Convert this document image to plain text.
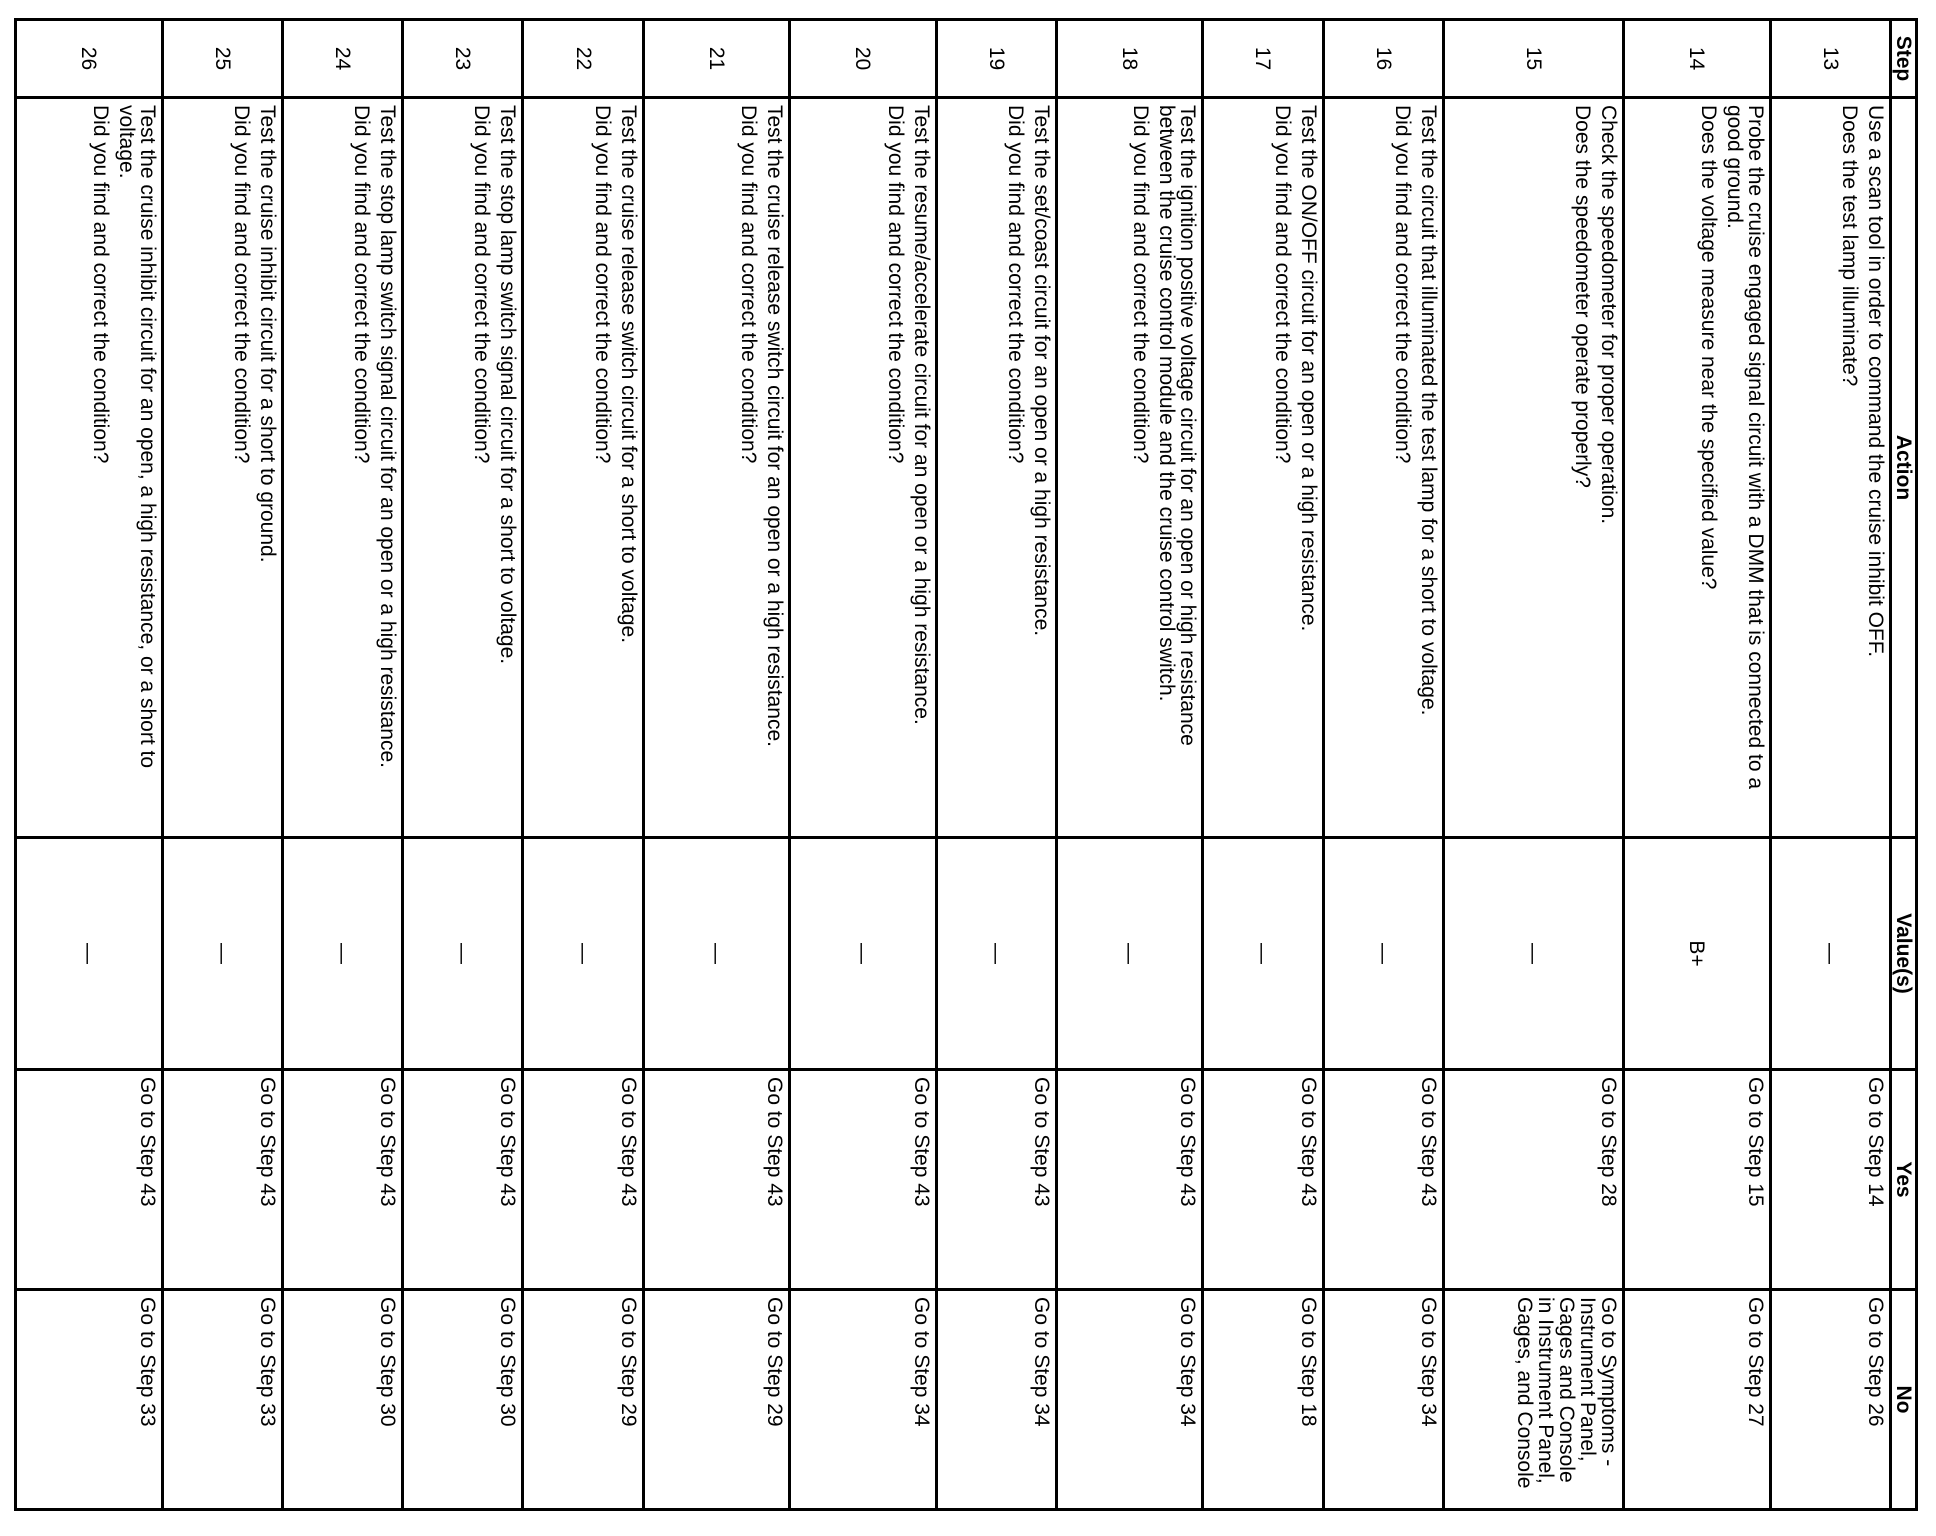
Step	Action	Value(s)	Yes	No
13	Use a scan tool in order to command the cruise inhibit OFF.
Does the test lamp illuminate?	—	Go to Step 14	Go to Step 26
14	Probe the cruise engaged signal circuit with a DMM that is connected to a good ground.
Does the voltage measure near the specified value?	B+	Go to Step 15	Go to Step 27
15	Check the speedometer for proper operation.
Does the speedometer operate properly?	—	Go to Step 28	Go to Symptoms - Instrument Panel, Gages and Console in Instrument Panel, Gages, and Console
16	Test the circuit that illuminated the test lamp for a short to voltage.
Did you find and correct the condition?	—	Go to Step 43	Go to Step 34
17	Test the ON/OFF circuit for an open or a high resistance.
Did you find and correct the condition?	—	Go to Step 43	Go to Step 18
18	Test the ignition positive voltage circuit for an open or high resistance between the cruise control module and the cruise control switch.
Did you find and correct the condition?	—	Go to Step 43	Go to Step 34
19	Test the set/coast circuit for an open or a high resistance.
Did you find and correct the condition?	—	Go to Step 43	Go to Step 34
20	Test the resume/accelerate circuit for an open or a high resistance.
Did you find and correct the condition?	—	Go to Step 43	Go to Step 34
21	Test the cruise release switch circuit for an open or a high resistance.
Did you find and correct the condition?	—	Go to Step 43	Go to Step 29
22	Test the cruise release switch circuit for a short to voltage.
Did you find and correct the condition?	—	Go to Step 43	Go to Step 29
23	Test the stop lamp switch signal circuit for a short to voltage.
Did you find and correct the condition?	—	Go to Step 43	Go to Step 30
24	Test the stop lamp switch signal circuit for an open or a high resistance.
Did you find and correct the condition?	—	Go to Step 43	Go to Step 30
25	Test the cruise inhibit circuit for a short to ground.
Did you find and correct the condition?	—	Go to Step 43	Go to Step 33
26	Test the cruise inhibit circuit for an open, a high resistance, or a short to voltage.
Did you find and correct the condition?	—	Go to Step 43	Go to Step 33
